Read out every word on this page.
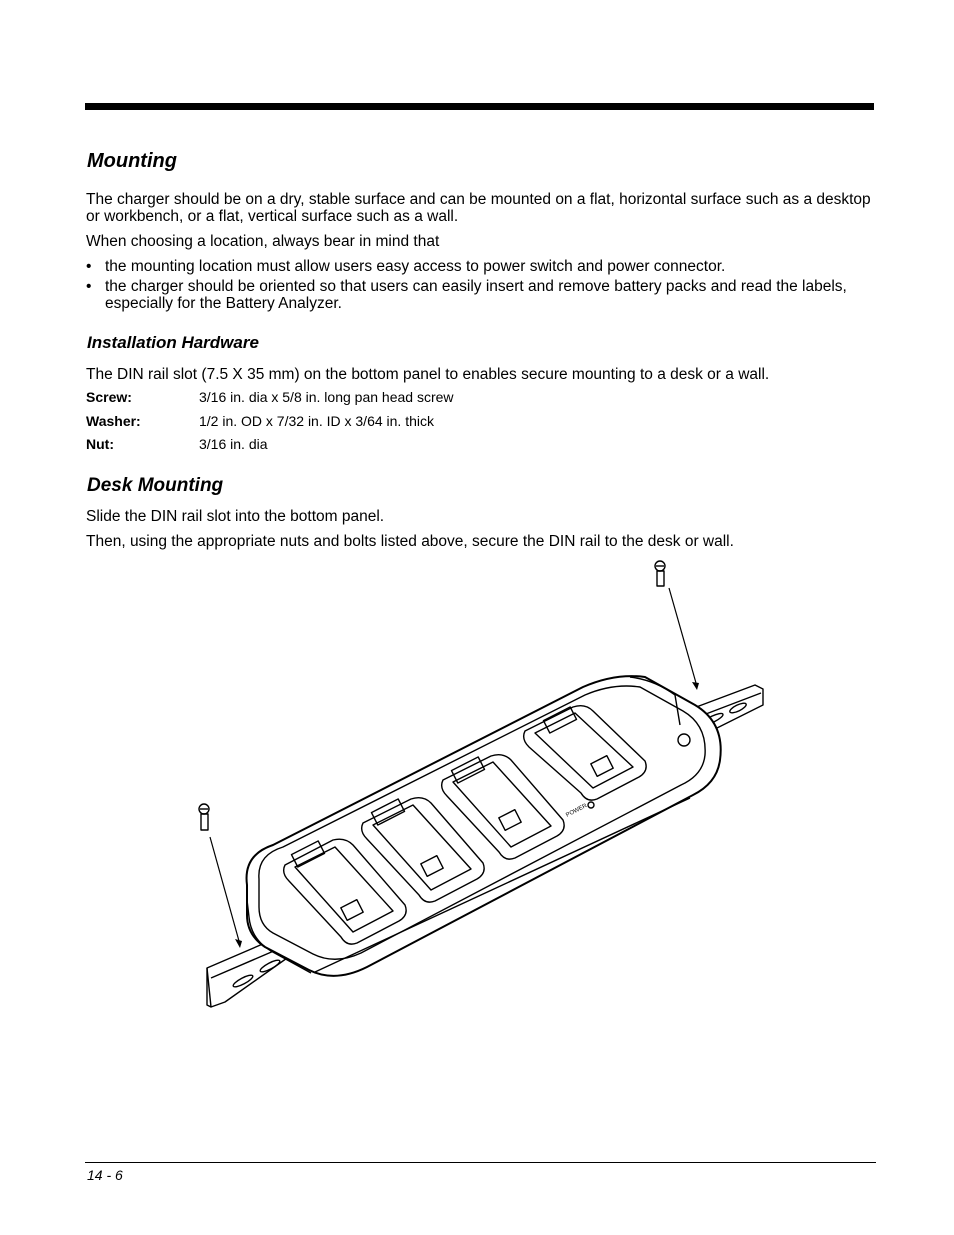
Mounting

The charger should be on a dry, stable surface and can be mounted on a flat, horizontal surface such as a desktop or workbench, or a flat, vertical surface such as a wall.

When choosing a location, always bear in mind that

• the mounting location must allow users easy access to power switch and power connector.
• the charger should be oriented so that users can easily insert and remove battery packs and read the labels, especially for the Battery Analyzer.
Installation Hardware

The DIN rail slot (7.5 X 35 mm) on the bottom panel to enables secure mounting to a desk or a wall.

Screw:	3/16 in. dia x 5/8 in. long pan head screw
Washer:	1/2 in. OD x 7/32 in. ID x 3/64 in. thick
Nut:	3/16 in. dia
Desk Mounting

Slide the DIN rail slot into the bottom panel.

Then, using the appropriate nuts and bolts listed above, secure the DIN rail to the desk or wall.

POWER
14 - 6
